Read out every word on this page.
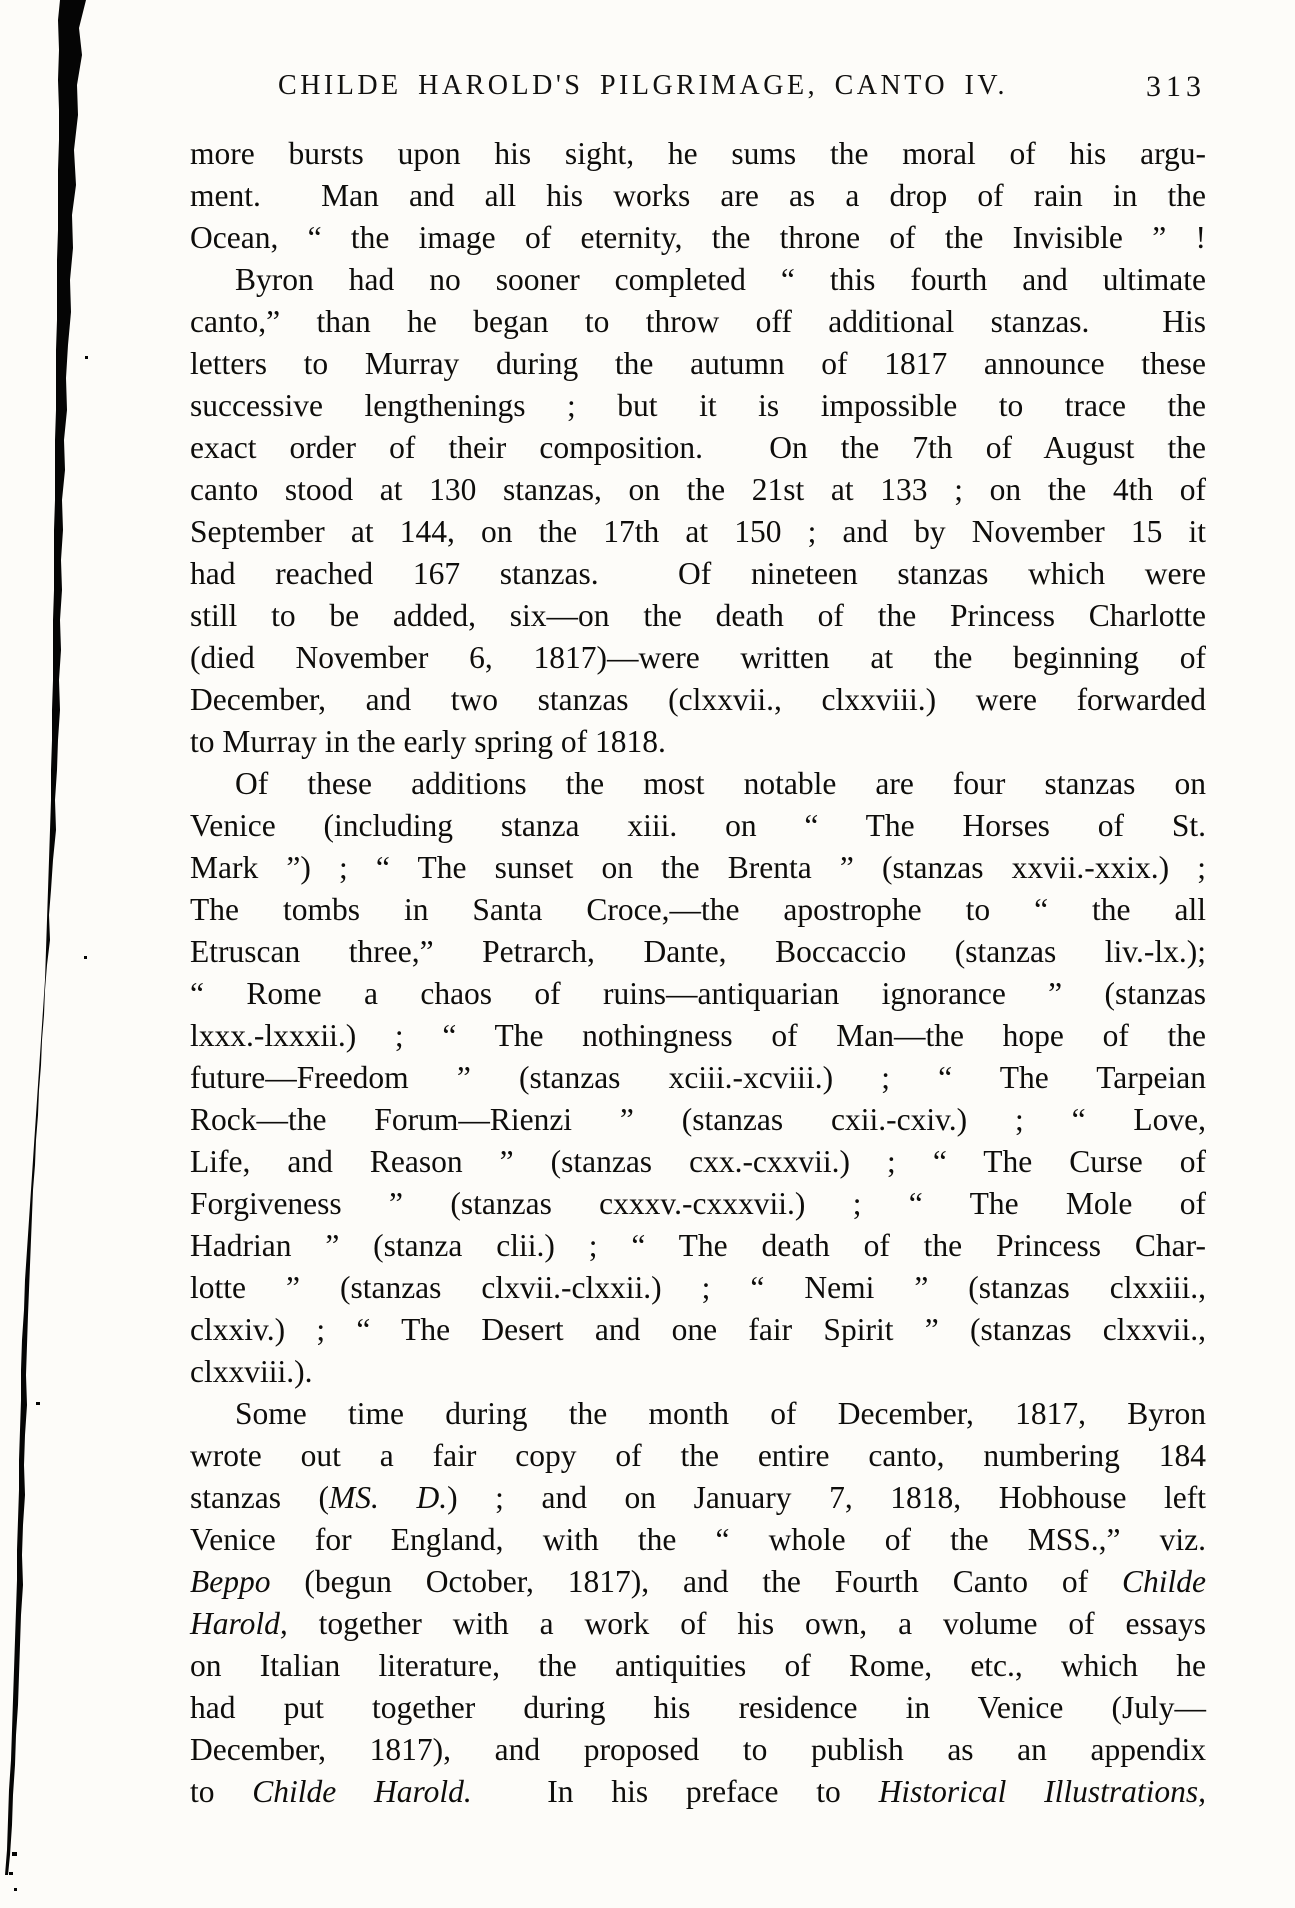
CHILDE HAROLD'S PILGRIMAGE, CANTO IV.	313
more bursts upon his sight, he sums the moral of his argu-
ment.  Man and all his works are as a drop of rain in the
Ocean, “ the image of eternity, the throne of the Invisible ” !
Byron had no sooner completed “ this fourth and ultimate
canto,” than he began to throw off additional stanzas.  His
letters to Murray during the autumn of 1817 announce these
successive lengthenings ; but it is impossible to trace the
exact order of their composition.  On the 7th of August the
canto stood at 130 stanzas, on the 21st at 133 ; on the 4th of
September at 144, on the 17th at 150 ; and by November 15 it
had reached 167 stanzas.  Of nineteen stanzas which were
still to be added, six—on the death of the Princess Charlotte
(died November 6, 1817)—were written at the beginning of
December, and two stanzas (clxxvii., clxxviii.) were forwarded
to Murray in the early spring of 1818.
Of these additions the most notable are four stanzas on
Venice (including stanza xiii. on “ The Horses of St.
Mark ”) ; “ The sunset on the Brenta ” (stanzas xxvii.-xxix.) ;
The tombs in Santa Croce,—the apostrophe to “ the all
Etruscan three,” Petrarch, Dante, Boccaccio (stanzas liv.-lx.);
“ Rome a chaos of ruins—antiquarian ignorance ” (stanzas
lxxx.-lxxxii.) ; “ The nothingness of Man—the hope of the
future—Freedom ” (stanzas xciii.-xcviii.) ; “ The Tarpeian
Rock—the Forum—Rienzi ” (stanzas cxii.-cxiv.) ; “ Love,
Life, and Reason ” (stanzas cxx.-cxxvii.) ; “ The Curse of
Forgiveness ” (stanzas cxxxv.-cxxxvii.) ; “ The Mole of
Hadrian ” (stanza clii.) ; “ The death of the Princess Char-
lotte ” (stanzas clxvii.-clxxii.) ; “ Nemi ” (stanzas clxxiii.,
clxxiv.) ; “ The Desert and one fair Spirit ” (stanzas clxxvii.,
clxxviii.).
Some time during the month of December, 1817, Byron
wrote out a fair copy of the entire canto, numbering 184
stanzas (MS. D.) ; and on January 7, 1818, Hobhouse left
Venice for England, with the “ whole of the MSS.,” viz.
Beppo (begun October, 1817), and the Fourth Canto of Childe
Harold, together with a work of his own, a volume of essays
on Italian literature, the antiquities of Rome, etc., which he
had put together during his residence in Venice (July—
December, 1817), and proposed to publish as an appendix
to Childe Harold.  In his preface to Historical Illustrations,
